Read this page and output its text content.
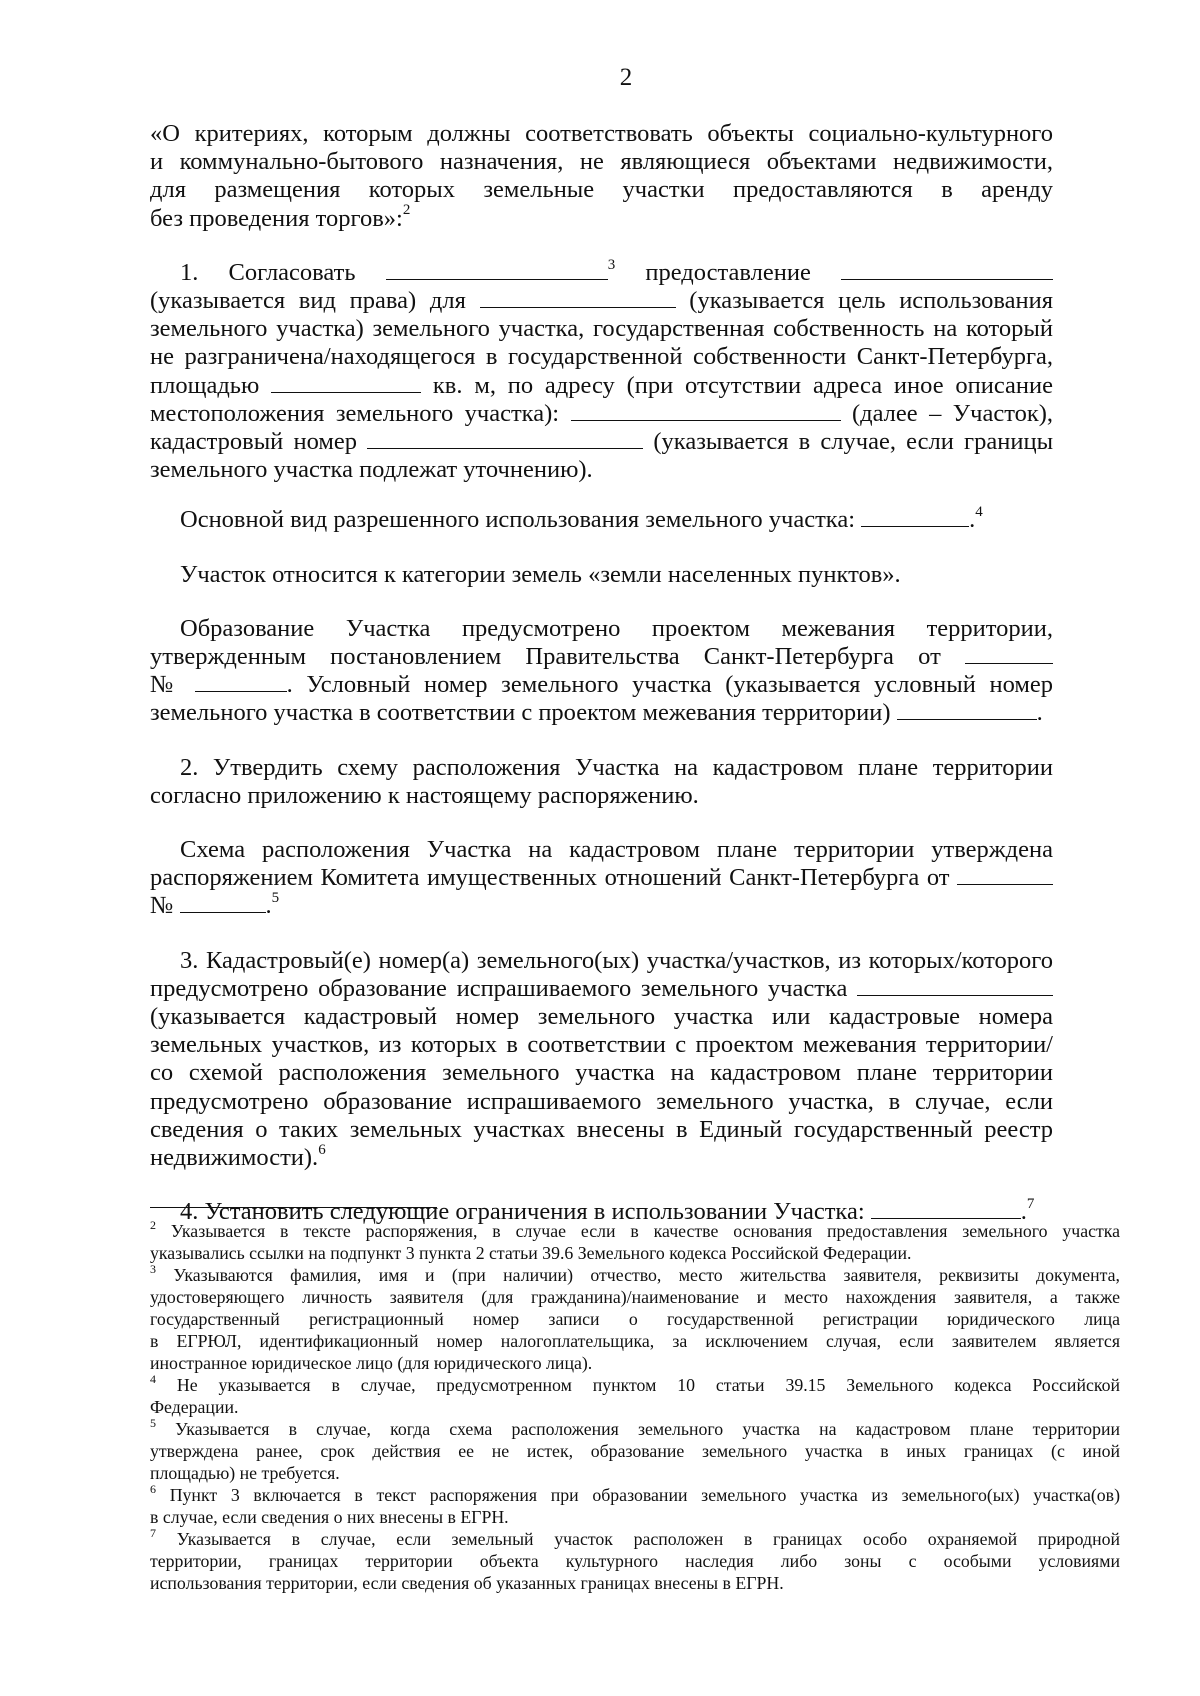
2

«О критериях, которым должны соответствовать объекты социально-культурного

и коммунально-бытового назначения, не являющиеся объектами недвижимости,

для размещения которых земельные участки предоставляются в аренду

без проведения торгов»:$^2$

1. Согласовать	$^3$ предоставление

(указывается вид права) для	(указывается цель использования

земельного участка) земельного участка, государственная собственность на который

не разграничена/находящегося в государственной собственности Санкт-Петербурга,

площадью	кв. м, по адресу (при отсутствии адреса иное описание

местоположения земельного участка):	(далее – Участок),

кадастровый номер	(указывается в случае, если границы

земельного участка подлежат уточнению).

Основной вид разрешенного использования земельного участка:	.$^4$

Участок относится к категории земель «земли населенных пунктов».

Образование Участка предусмотрено проектом межевания территории,

утвержденным постановлением Правительства Санкт-Петербурга от

№	. Условный номер земельного участка (указывается условный номер

земельного участка в соответствии с проектом межевания территории)	.

2. Утвердить схему расположения Участка на кадастровом плане территории

согласно приложению к настоящему распоряжению.

Схема расположения Участка на кадастровом плане территории утверждена

распоряжением Комитета имущественных отношений Санкт-Петербурга от

№	.$^5$

3. Кадастровый(е) номер(а) земельного(ых) участка/участков, из которых/которого

предусмотрено образование испрашиваемого земельного участка

(указывается кадастровый номер земельного участка или кадастровые номера

земельных участков, из которых в соответствии с проектом межевания территории/

со схемой расположения земельного участка на кадастровом плане территории

предусмотрено образование испрашиваемого земельного участка, в случае, если

сведения о таких земельных участках внесены в Единый государственный реестр

недвижимости).$^6$

4. Установить следующие ограничения в использовании Участка:	.$^7$

$^2$ Указывается в тексте распоряжения, в случае если в качестве основания предоставления земельного участка

указывались ссылки на подпункт 3 пункта 2 статьи 39.6 Земельного кодекса Российской Федерации.

$^3$ Указываются фамилия, имя и (при наличии) отчество, место жительства заявителя, реквизиты документа,

удостоверяющего личность заявителя (для гражданина)/наименование и место нахождения заявителя, а также

государственный регистрационный номер записи о государственной регистрации юридического лица

в ЕГРЮЛ, идентификационный номер налогоплательщика, за исключением случая, если заявителем является

иностранное юридическое лицо (для юридического лица).

$^4$ Не указывается в случае, предусмотренном пунктом 10 статьи 39.15 Земельного кодекса Российской

Федерации.

$^5$ Указывается в случае, когда схема расположения земельного участка на кадастровом плане территории

утверждена ранее, срок действия ее не истек, образование земельного участка в иных границах (с иной

площадью) не требуется.

$^6$ Пункт 3 включается в текст распоряжения при образовании земельного участка из земельного(ых) участка(ов)

в случае, если сведения о них внесены в ЕГРН.

$^7$ Указывается в случае, если земельный участок расположен в границах особо охраняемой природной

территории, границах территории объекта культурного наследия либо зоны с особыми условиями

использования территории, если сведения об указанных границах внесены в ЕГРН.
